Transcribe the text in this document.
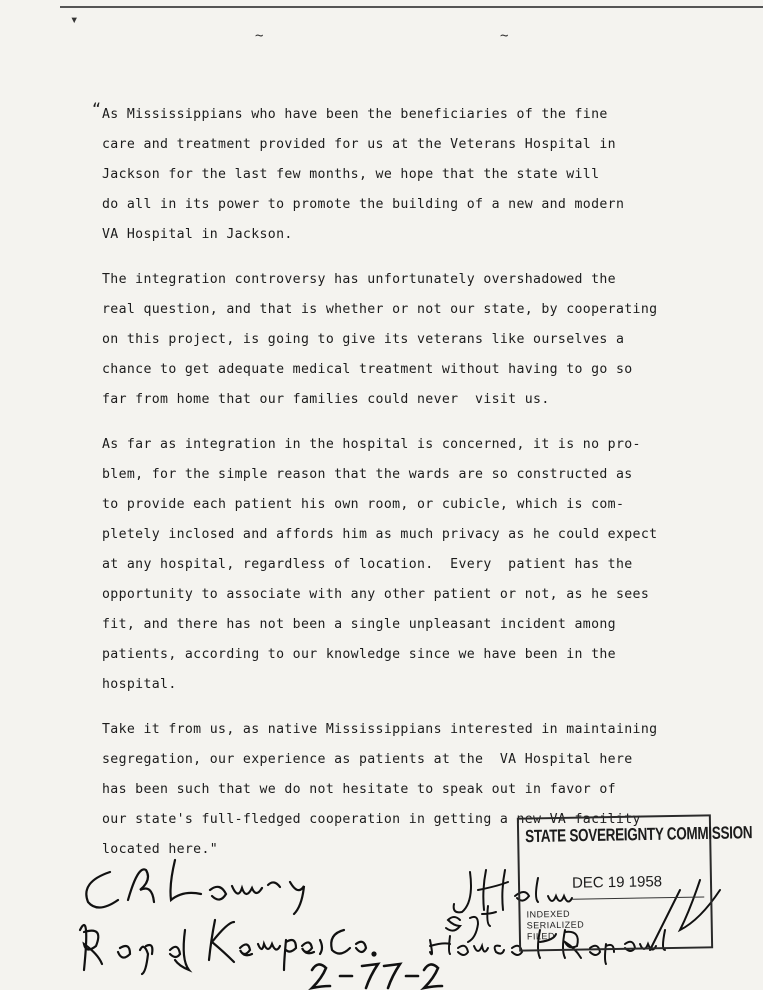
▾
~	~
“ As Mississippians who have been the beneficiaries of the fine
care and treatment provided for us at the Veterans Hospital in
Jackson for the last few months, we hope that the state will
do all in its power to promote the building of a new and modern
VA Hospital in Jackson.
The integration controversy has unfortunately overshadowed the
real question, and that is whether or not our state, by cooperating
on this project, is going to give its veterans like ourselves a
chance to get adequate medical treatment without having to go so
far from home that our families could never  visit us.
As far as integration in the hospital is concerned, it is no pro-
blem, for the simple reason that the wards are so constructed as
to provide each patient his own room, or cubicle, which is com-
pletely inclosed and affords him as much privacy as he could expect
at any hospital, regardless of location.  Every  patient has the
opportunity to associate with any other patient or not, as he sees
fit, and there has not been a single unpleasant incident among
patients, according to our knowledge since we have been in the
hospital.
Take it from us, as native Mississippians interested in maintaining
segregation, our experience as patients at the  VA Hospital here
has been such that we do not hesitate to speak out in favor of
our state's full-fledged cooperation in getting a new VA facility
located here."
STATE SOVEREIGNTY COMMISSION
DEC 19 1958
INDEXED
SERIALIZED
FILED
